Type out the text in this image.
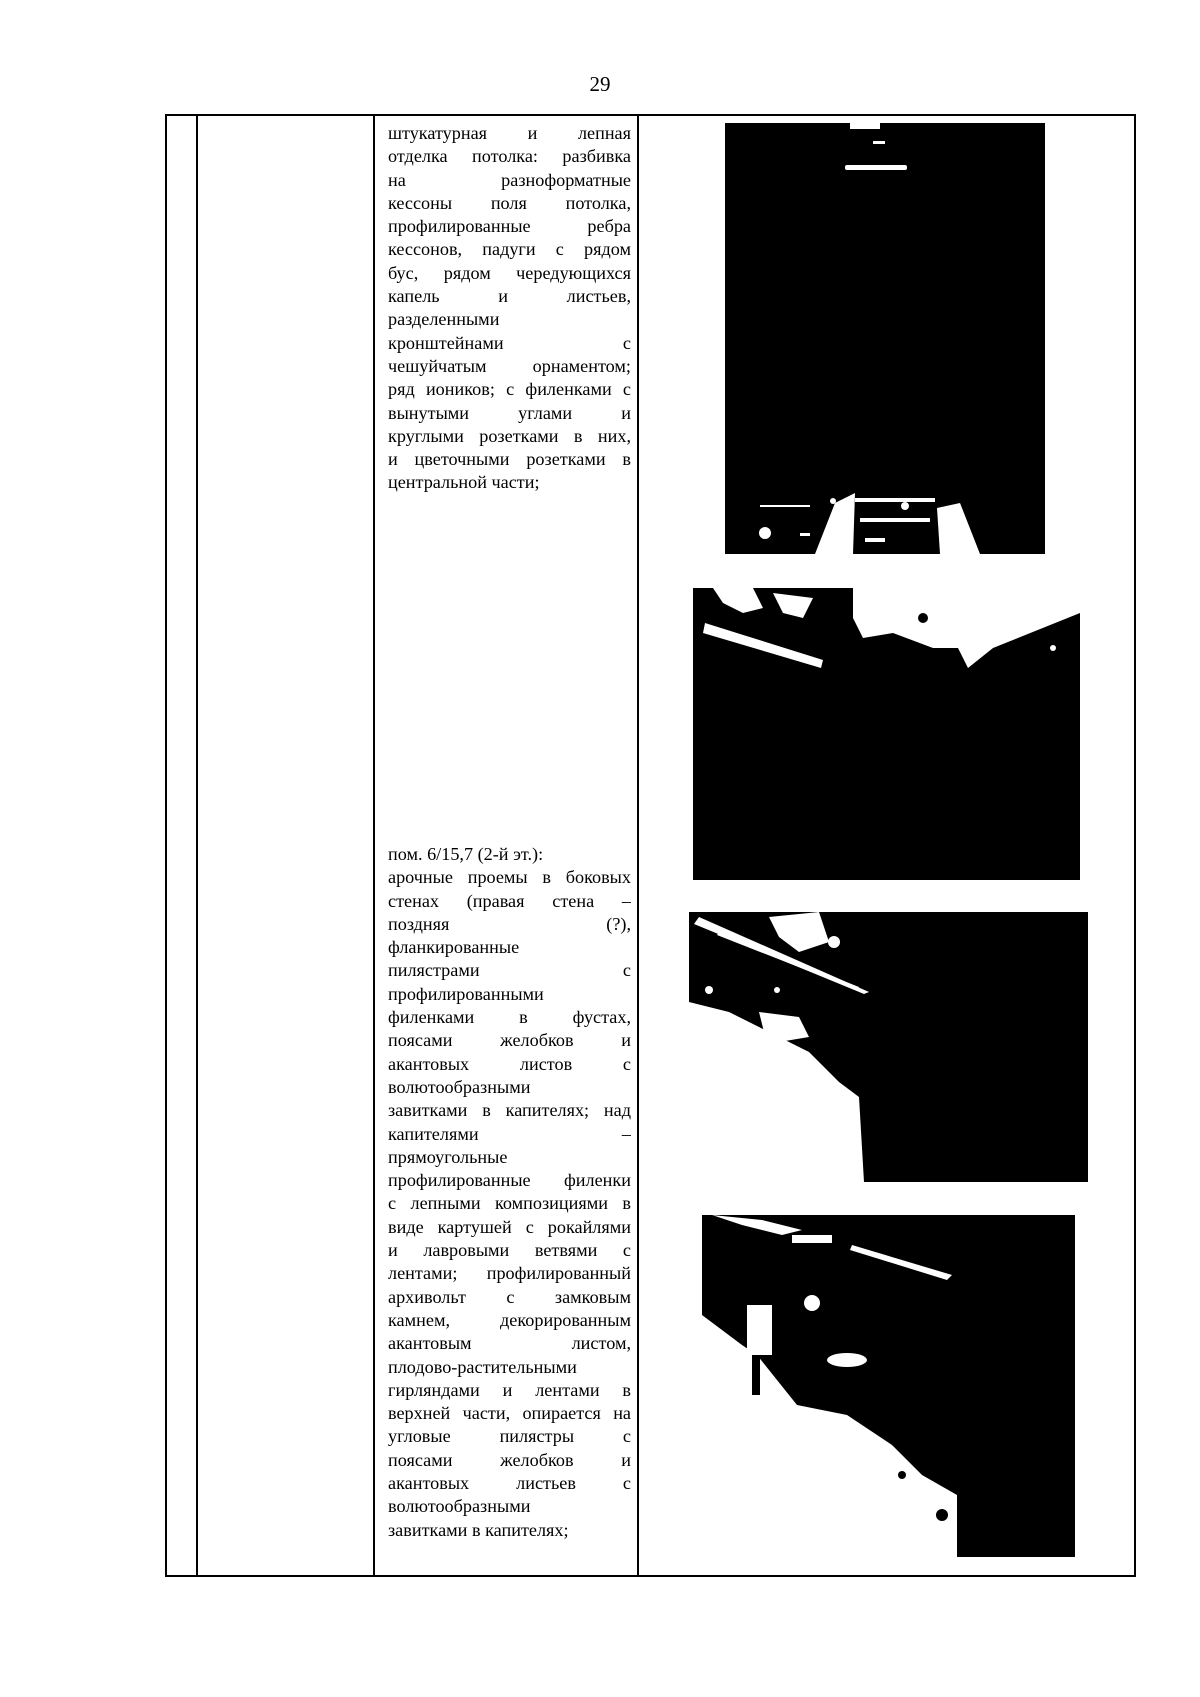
29
штукатурная и лепная
отделка потолка: разбивка
на разноформатные
кессоны поля потолка,
профилированные ребра
кессонов, падуги с рядом
бус, рядом чередующихся
капель и листьев,
разделенными
кронштейнами с
чешуйчатым орнаментом;
ряд иоников; с филенками с
вынутыми углами и
круглыми розетками в них,
и цветочными розетками в
центральной части;
пом. 6/15,7 (2-й эт.):
арочные проемы в боковых
стенах (правая стена –
поздняя (?),
фланкированные
пилястрами с
профилированными
филенками в фустах,
поясами желобков и
акантовых листов с
волютообразными
завитками в капителях; над
капителями –
прямоугольные
профилированные филенки
с лепными композициями в
виде картушей с рокайлями
и лавровыми ветвями с
лентами; профилированный
архивольт с замковым
камнем, декорированным
акантовым листом,
плодово-растительными
гирляндами и лентами в
верхней части, опирается на
угловые пилястры с
поясами желобков и
акантовых листьев с
волютообразными
завитками в капителях;
